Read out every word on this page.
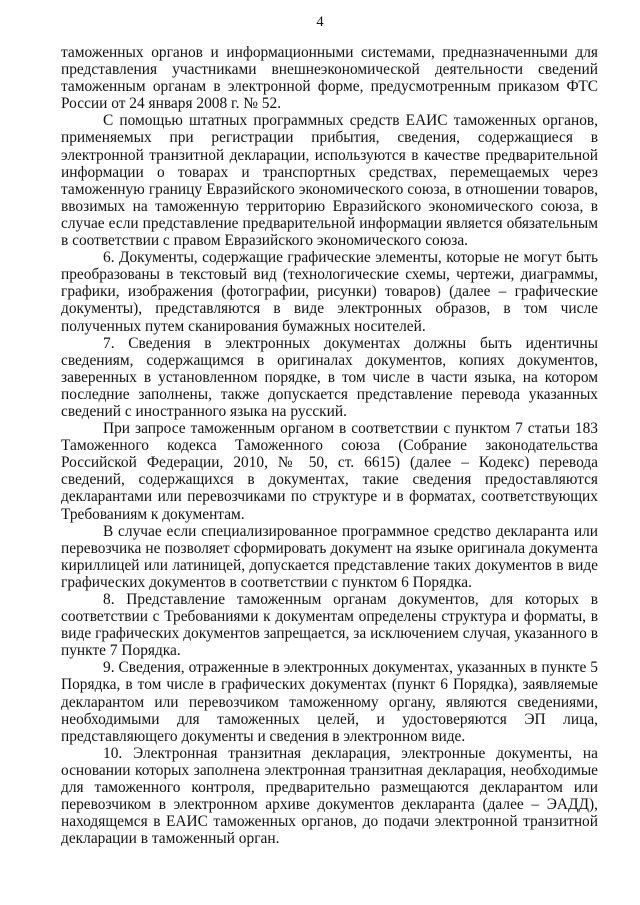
4

таможенных органов и информационными системами, предназначенными для представления участниками внешнеэкономической деятельности сведений таможенным органам в электронной форме, предусмотренным приказом ФТС России от 24 января 2008 г. № 52.

С помощью штатных программных средств ЕАИС таможенных органов, применяемых при регистрации прибытия, сведения, содержащиеся в электронной транзитной декларации, используются в качестве предварительной информации о товарах и транспортных средствах, перемещаемых через таможенную границу Евразийского экономического союза, в отношении товаров, ввозимых на таможенную территорию Евразийского экономического союза, в случае если представление предварительной информации является обязательным в соответствии с правом Евразийского экономического союза.

6. Документы, содержащие графические элементы, которые не могут быть преобразованы в текстовый вид (технологические схемы, чертежи, диаграммы, графики, изображения (фотографии, рисунки) товаров) (далее – графические документы), представляются в виде электронных образов, в том числе полученных путем сканирования бумажных носителей.

7. Сведения в электронных документах должны быть идентичны сведениям, содержащимся в оригиналах документов, копиях документов, заверенных в установленном порядке, в том числе в части языка, на котором последние заполнены, также допускается представление перевода указанных сведений с иностранного языка на русский.

При запросе таможенным органом в соответствии с пунктом 7 статьи 183 Таможенного кодекса Таможенного союза (Собрание законодательства Российской Федерации, 2010, № 50, ст. 6615) (далее – Кодекс) перевода сведений, содержащихся в документах, такие сведения предоставляются декларантами или перевозчиками по структуре и в форматах, соответствующих Требованиям к документам.

В случае если специализированное программное средство декларанта или перевозчика не позволяет сформировать документ на языке оригинала документа кириллицей или латиницей, допускается представление таких документов в виде графических документов в соответствии с пунктом 6 Порядка.

8. Представление таможенным органам документов, для которых в соответствии с Требованиями к документам определены структура и форматы, в виде графических документов запрещается, за исключением случая, указанного в пункте 7 Порядка.

9. Сведения, отраженные в электронных документах, указанных в пункте 5 Порядка, в том числе в графических документах (пункт 6 Порядка), заявляемые декларантом или перевозчиком таможенному органу, являются сведениями, необходимыми для таможенных целей, и удостоверяются ЭП лица, представляющего документы и сведения в электронном виде.

10. Электронная транзитная декларация, электронные документы, на основании которых заполнена электронная транзитная декларация, необходимые для таможенного контроля, предварительно размещаются декларантом или перевозчиком в электронном архиве документов декларанта (далее – ЭАДД), находящемся в ЕАИС таможенных органов, до подачи электронной транзитной декларации в таможенный орган.
